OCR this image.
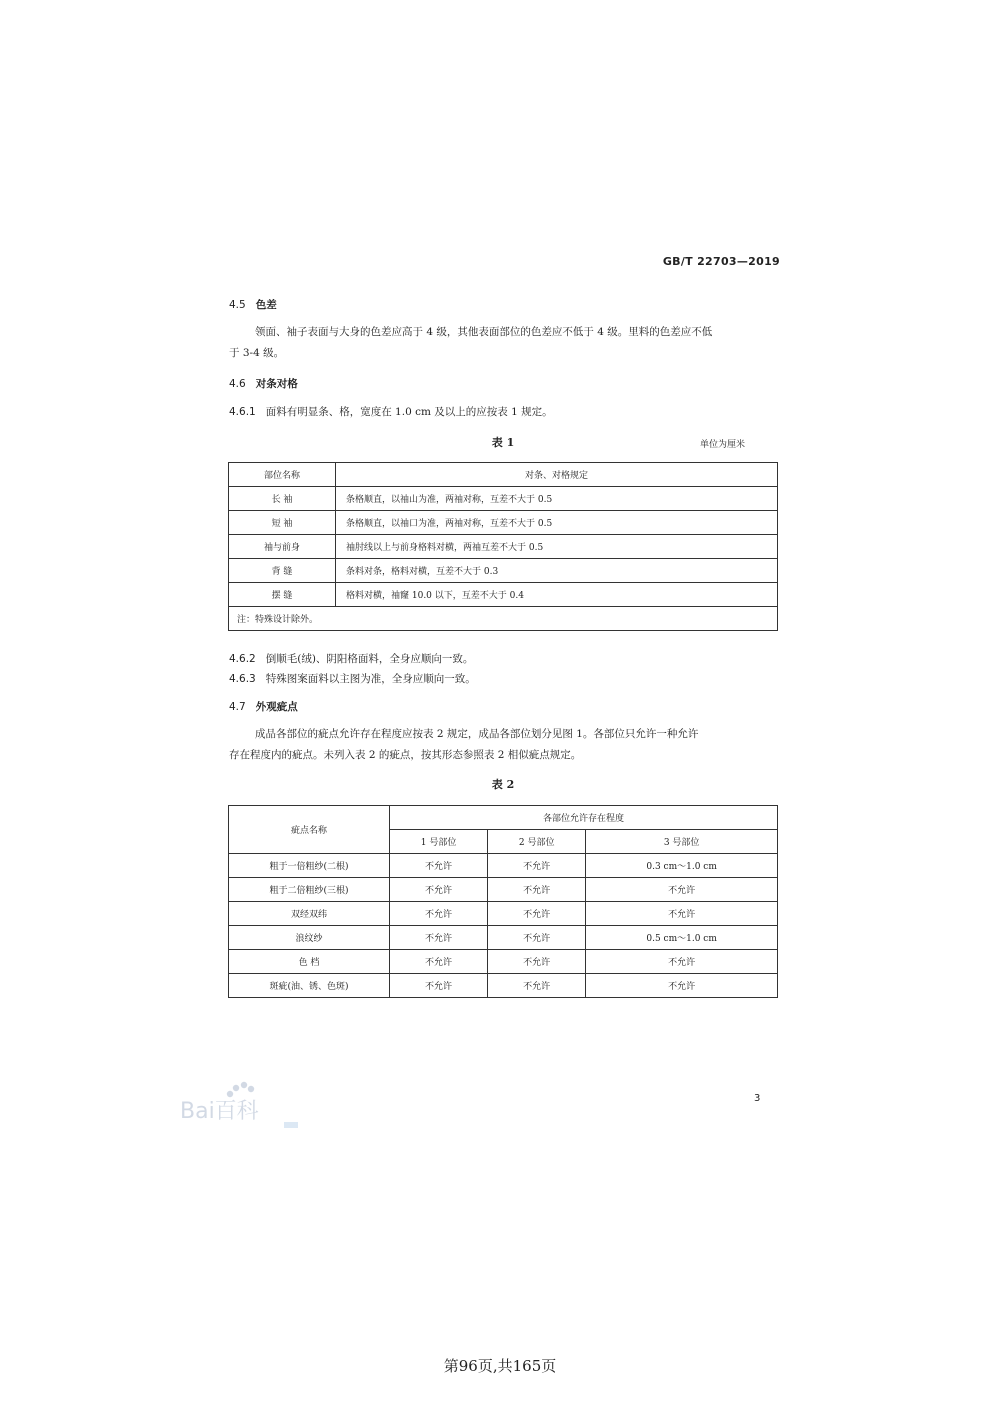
GB/T 22703—2019
4.5 色差
领面、袖子表面与大身的色差应高于 4 级，其他表面部位的色差应不低于 4 级。里料的色差应不低
于 3-4 级。
4.6 对条对格
4.6.1 面料有明显条、格，宽度在 1.0 cm 及以上的应按表 1 规定。
表 1	单位为厘米
部位名称	对条、对格规定
长 袖	条格顺直，以袖山为准，两袖对称，互差不大于 0.5
短 袖	条格顺直，以袖口为准，两袖对称，互差不大于 0.5
袖与前身	袖肘线以上与前身格料对横，两袖互差不大于 0.5
背 缝	条料对条，格料对横，互差不大于 0.3
摆 缝	格料对横，袖窿 10.0 以下，互差不大于 0.4
注：特殊设计除外。	
4.6.2 倒顺毛(绒)、阴阳格面料，全身应顺向一致。
4.6.3 特殊图案面料以主图为准，全身应顺向一致。
4.7 外观疵点
成品各部位的疵点允许存在程度应按表 2 规定，成品各部位划分见图 1。各部位只允许一种允许
存在程度内的疵点。未列入表 2 的疵点，按其形态参照表 2 相似疵点规定。
表 2
疵点名称	各部位允许存在程度		
	1 号部位	2 号部位	3 号部位
粗于一倍粗纱(二根)	不允许	不允许	0.3 cm～1.0 cm
粗于二倍粗纱(三根)	不允许	不允许	不允许
双经双纬	不允许	不允许	不允许
浪纹纱	不允许	不允许	0.5 cm～1.0 cm
色 档	不允许	不允许	不允许
斑疵(油、锈、色斑)	不允许	不允许	不允许
Bai百科
3
第96页,共165页
